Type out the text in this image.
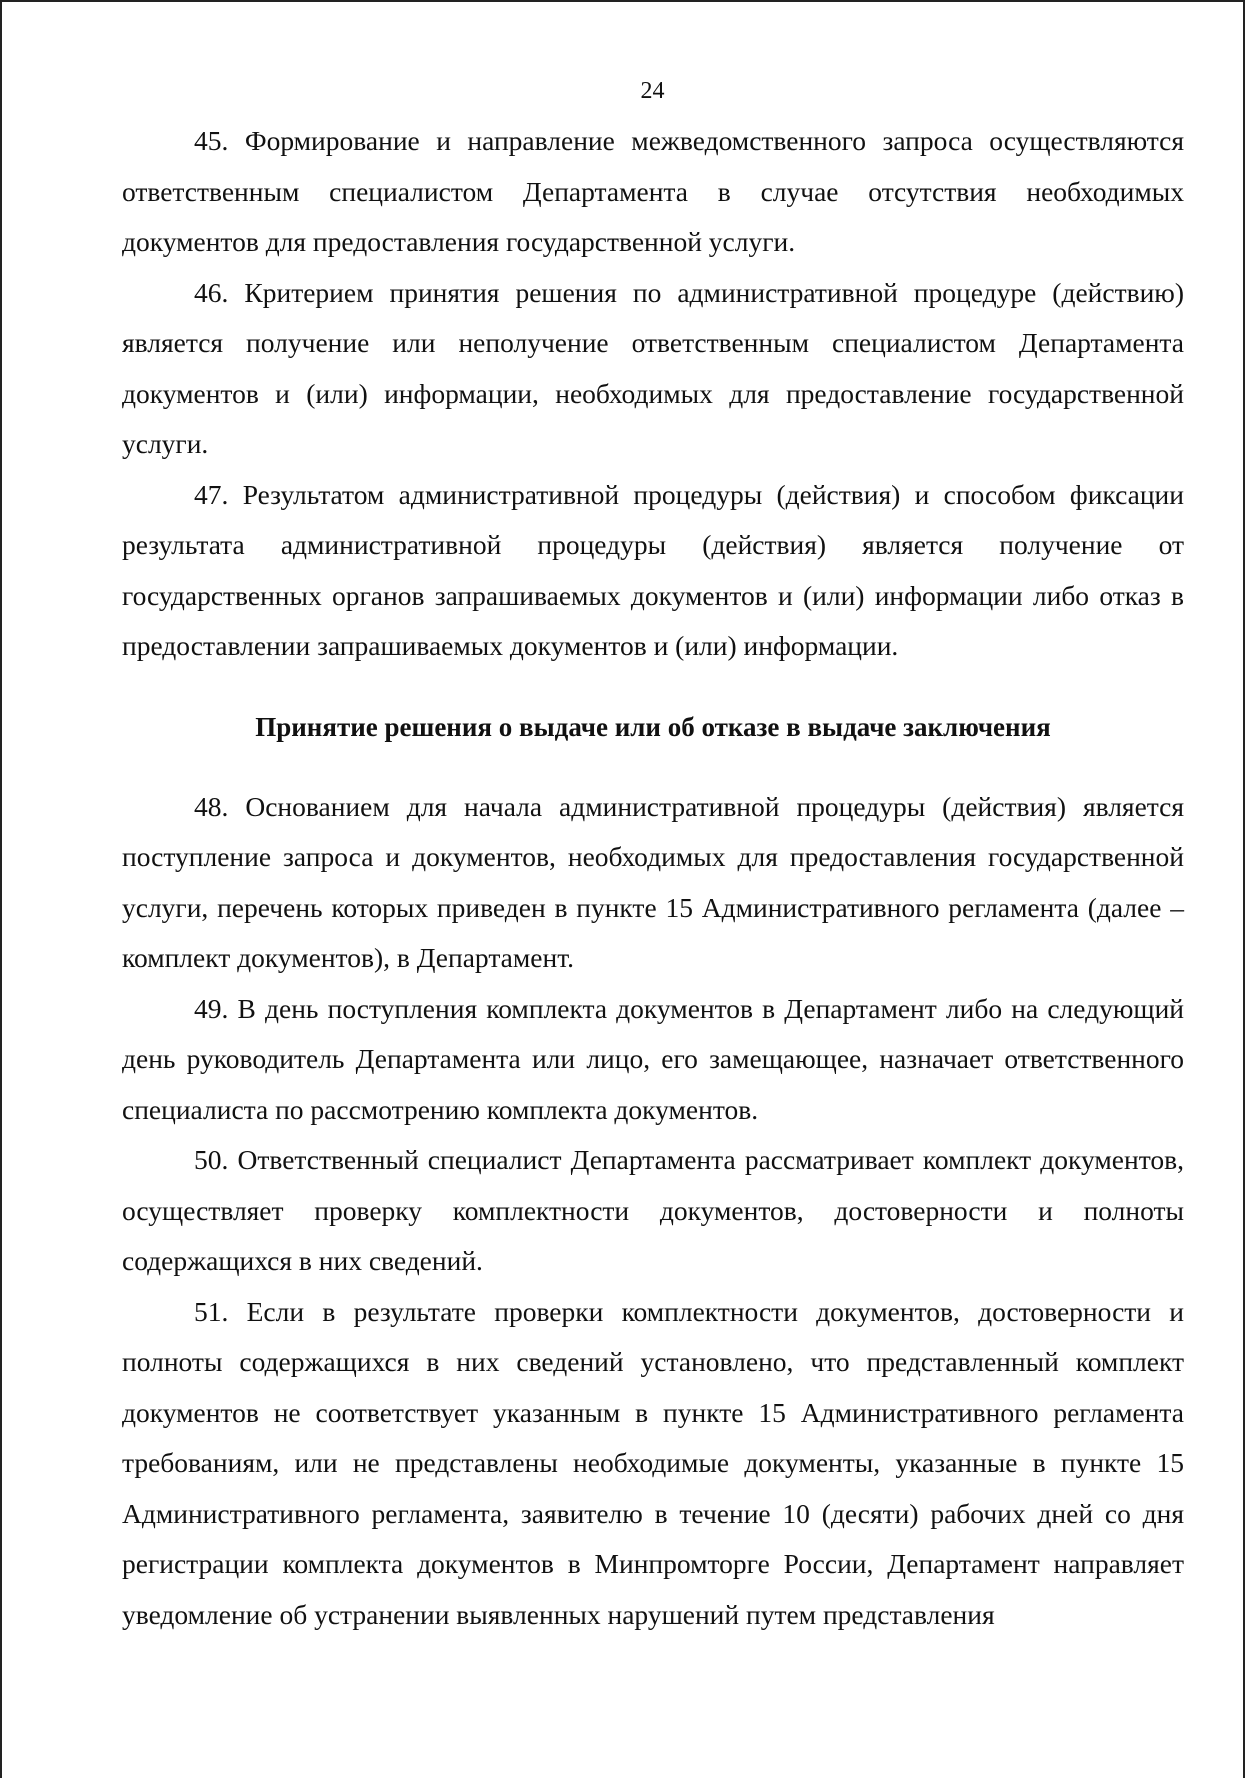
24

45. Формирование и направление межведомственного запроса осуществляются ответственным специалистом Департамента в случае отсутствия необходимых документов для предоставления государственной услуги.

46. Критерием принятия решения по административной процедуре (действию) является получение или неполучение ответственным специалистом Департамента документов и (или) информации, необходимых для предоставление государственной услуги.

47. Результатом административной процедуры (действия) и способом фиксации результата административной процедуры (действия) является получение от государственных органов запрашиваемых документов и (или) информации либо отказ в предоставлении запрашиваемых документов и (или) информации.

Принятие решения о выдаче или об отказе в выдаче заключения

48. Основанием для начала административной процедуры (действия) является поступление запроса и документов, необходимых для предоставления государственной услуги, перечень которых приведен в пункте 15 Административного регламента (далее – комплект документов), в Департамент.

49. В день поступления комплекта документов в Департамент либо на следующий день руководитель Департамента или лицо, его замещающее, назначает ответственного специалиста по рассмотрению комплекта документов.

50. Ответственный специалист Департамента рассматривает комплект документов, осуществляет проверку комплектности документов, достоверности и полноты содержащихся в них сведений.

51. Если в результате проверки комплектности документов, достоверности и полноты содержащихся в них сведений установлено, что представленный комплект документов не соответствует указанным в пункте 15 Административного регламента требованиям, или не представлены необходимые документы, указанные в пункте 15 Административного регламента, заявителю в течение 10 (десяти) рабочих дней со дня регистрации комплекта документов в Минпромторге России, Департамент направляет уведомление об устранении выявленных нарушений путем представления
